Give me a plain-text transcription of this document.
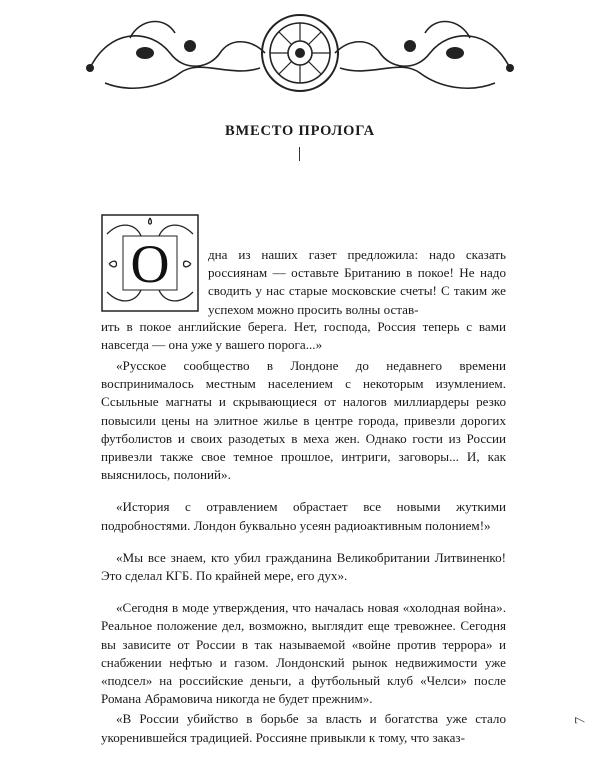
ВМЕСТО ПРОЛОГА
О	дна из наших газет предложила: надо сказать россиянам — оставьте Британию в покое! Не надо сводить у нас старые московские счеты! С таким же успехом можно просить волны остав-

ить в покое английские берега. Нет, господа, Россия теперь с вами навсегда — она уже у вашего порога...»

«Русское сообщество в Лондоне до недавнего времени воспринималось местным населением с некоторым изумлением. Ссыльные магнаты и скрывающиеся от налогов миллиардеры резко повысили цены на элитное жилье в центре города, привезли дорогих футболистов и своих разодетых в меха жен. Однако гости из России привезли также свое темное прошлое, интриги, заговоры... И, как выяснилось, полоний».

«История с отравлением обрастает все новыми жуткими подробностями. Лондон буквально усеян радиоактивным полонием!»

«Мы все знаем, кто убил гражданина Великобритании Литвиненко! Это сделал КГБ. По крайней мере, его дух».

«Сегодня в моде утверждения, что началась новая «холодная война». Реальное положение дел, возможно, выглядит еще тревожнее. Сегодня вы зависите от России в так называемой «войне против террора» и снабжении нефтью и газом. Лондонский рынок недвижимости уже «подсел» на российские деньги, а футбольный клуб «Челси» после Романа Абрамовича никогда не будет прежним».

«В России убийство в борьбе за власть и богатства уже стало укоренившейся традицией. Россияне привыкли к тому, что заказ-

7
